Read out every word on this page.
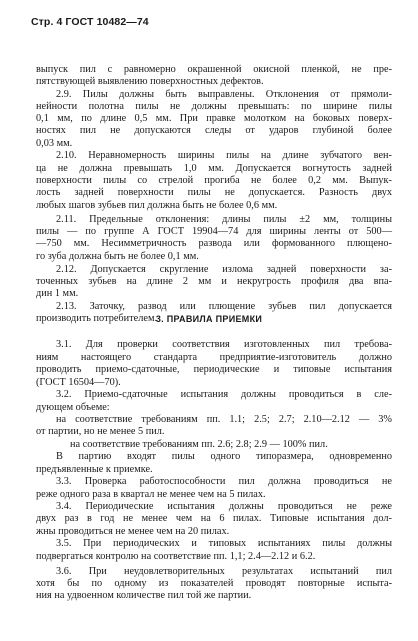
Стр. 4 ГОСТ 10482—74
3. ПРАВИЛА ПРИЕМКИ
выпуск пил с равномерно окрашенной окисной пленкой, не пре-
пятствующей выявлению поверхностных дефектов.
2.9. Пилы должны быть выправлены. Отклонения от прямоли-
нейности полотна пилы не должны превышать: по ширине пилы
0,1 мм, по длине 0,5 мм. При правке молотком на боковых поверх-
ностях пил не допускаются следы от ударов глубиной более
0,03 мм.
2.10. Неравномерность ширины пилы на длине зубчатого вен-
ца не должна превышать 1,0 мм. Допускается вогнутость задней
поверхности пилы со стрелой прогиба не более 0,2 мм. Выпук-
лость задней поверхности пилы не допускается. Разность двух
любых шагов зубьев пил должна быть не более 0,6 мм.
2.11. Предельные отклонения: длины пилы ±2 мм, толщины
пилы — по группе А ГОСТ 19904—74 для ширины ленты от 500—
—750 мм. Несимметричность развода или формованного плющено-
го зуба должна быть не более 0,1 мм.
2.12. Допускается скругление излома задней поверхности за-
точенных зубьев на длине 2 мм и некругрость профиля два впа-
дин 1 мм.
2.13. Заточку, развод или плющение зубьев пил допускается
производить потребителем.
3.1. Для проверки соответствия изготовленных пил требова-
ниям настоящего стандарта предприятие-изготовитель должно
проводить приемо-сдаточные, периодические и типовые испытания
(ГОСТ 16504—70).
3.2. Приемо-сдаточные испытания должны проводиться в сле-
дующем объеме:
на соответствие требованиям пп. 1.1; 2.5; 2.7; 2.10—2.12 — 3%
от партии, но не менее 5 пил.
на соответствие требованиям пп. 2.6; 2.8; 2.9 — 100% пил.
В партию входят пилы одного типоразмера, одновременно
предъявленные к приемке.
3.3. Проверка работоспособности пил должна проводиться не
реже одного раза в квартал не менее чем на 5 пилах.
3.4. Периодические испытания должны проводиться не реже
двух раз в год не менее чем на 6 пилах. Типовые испытания дол-
жны проводиться не менее чем на 20 пилах.
3.5. При периодических и типовых испытаниях пилы должны
подвергаться контролю на соответствие пп. 1,1; 2.4—2.12 и 6.2.
3.6. При неудовлетворительных результатах испытаний пил
хотя бы по одному из показателей проводят повторные испыта-
ния на удвоенном количестве пил той же партии.
